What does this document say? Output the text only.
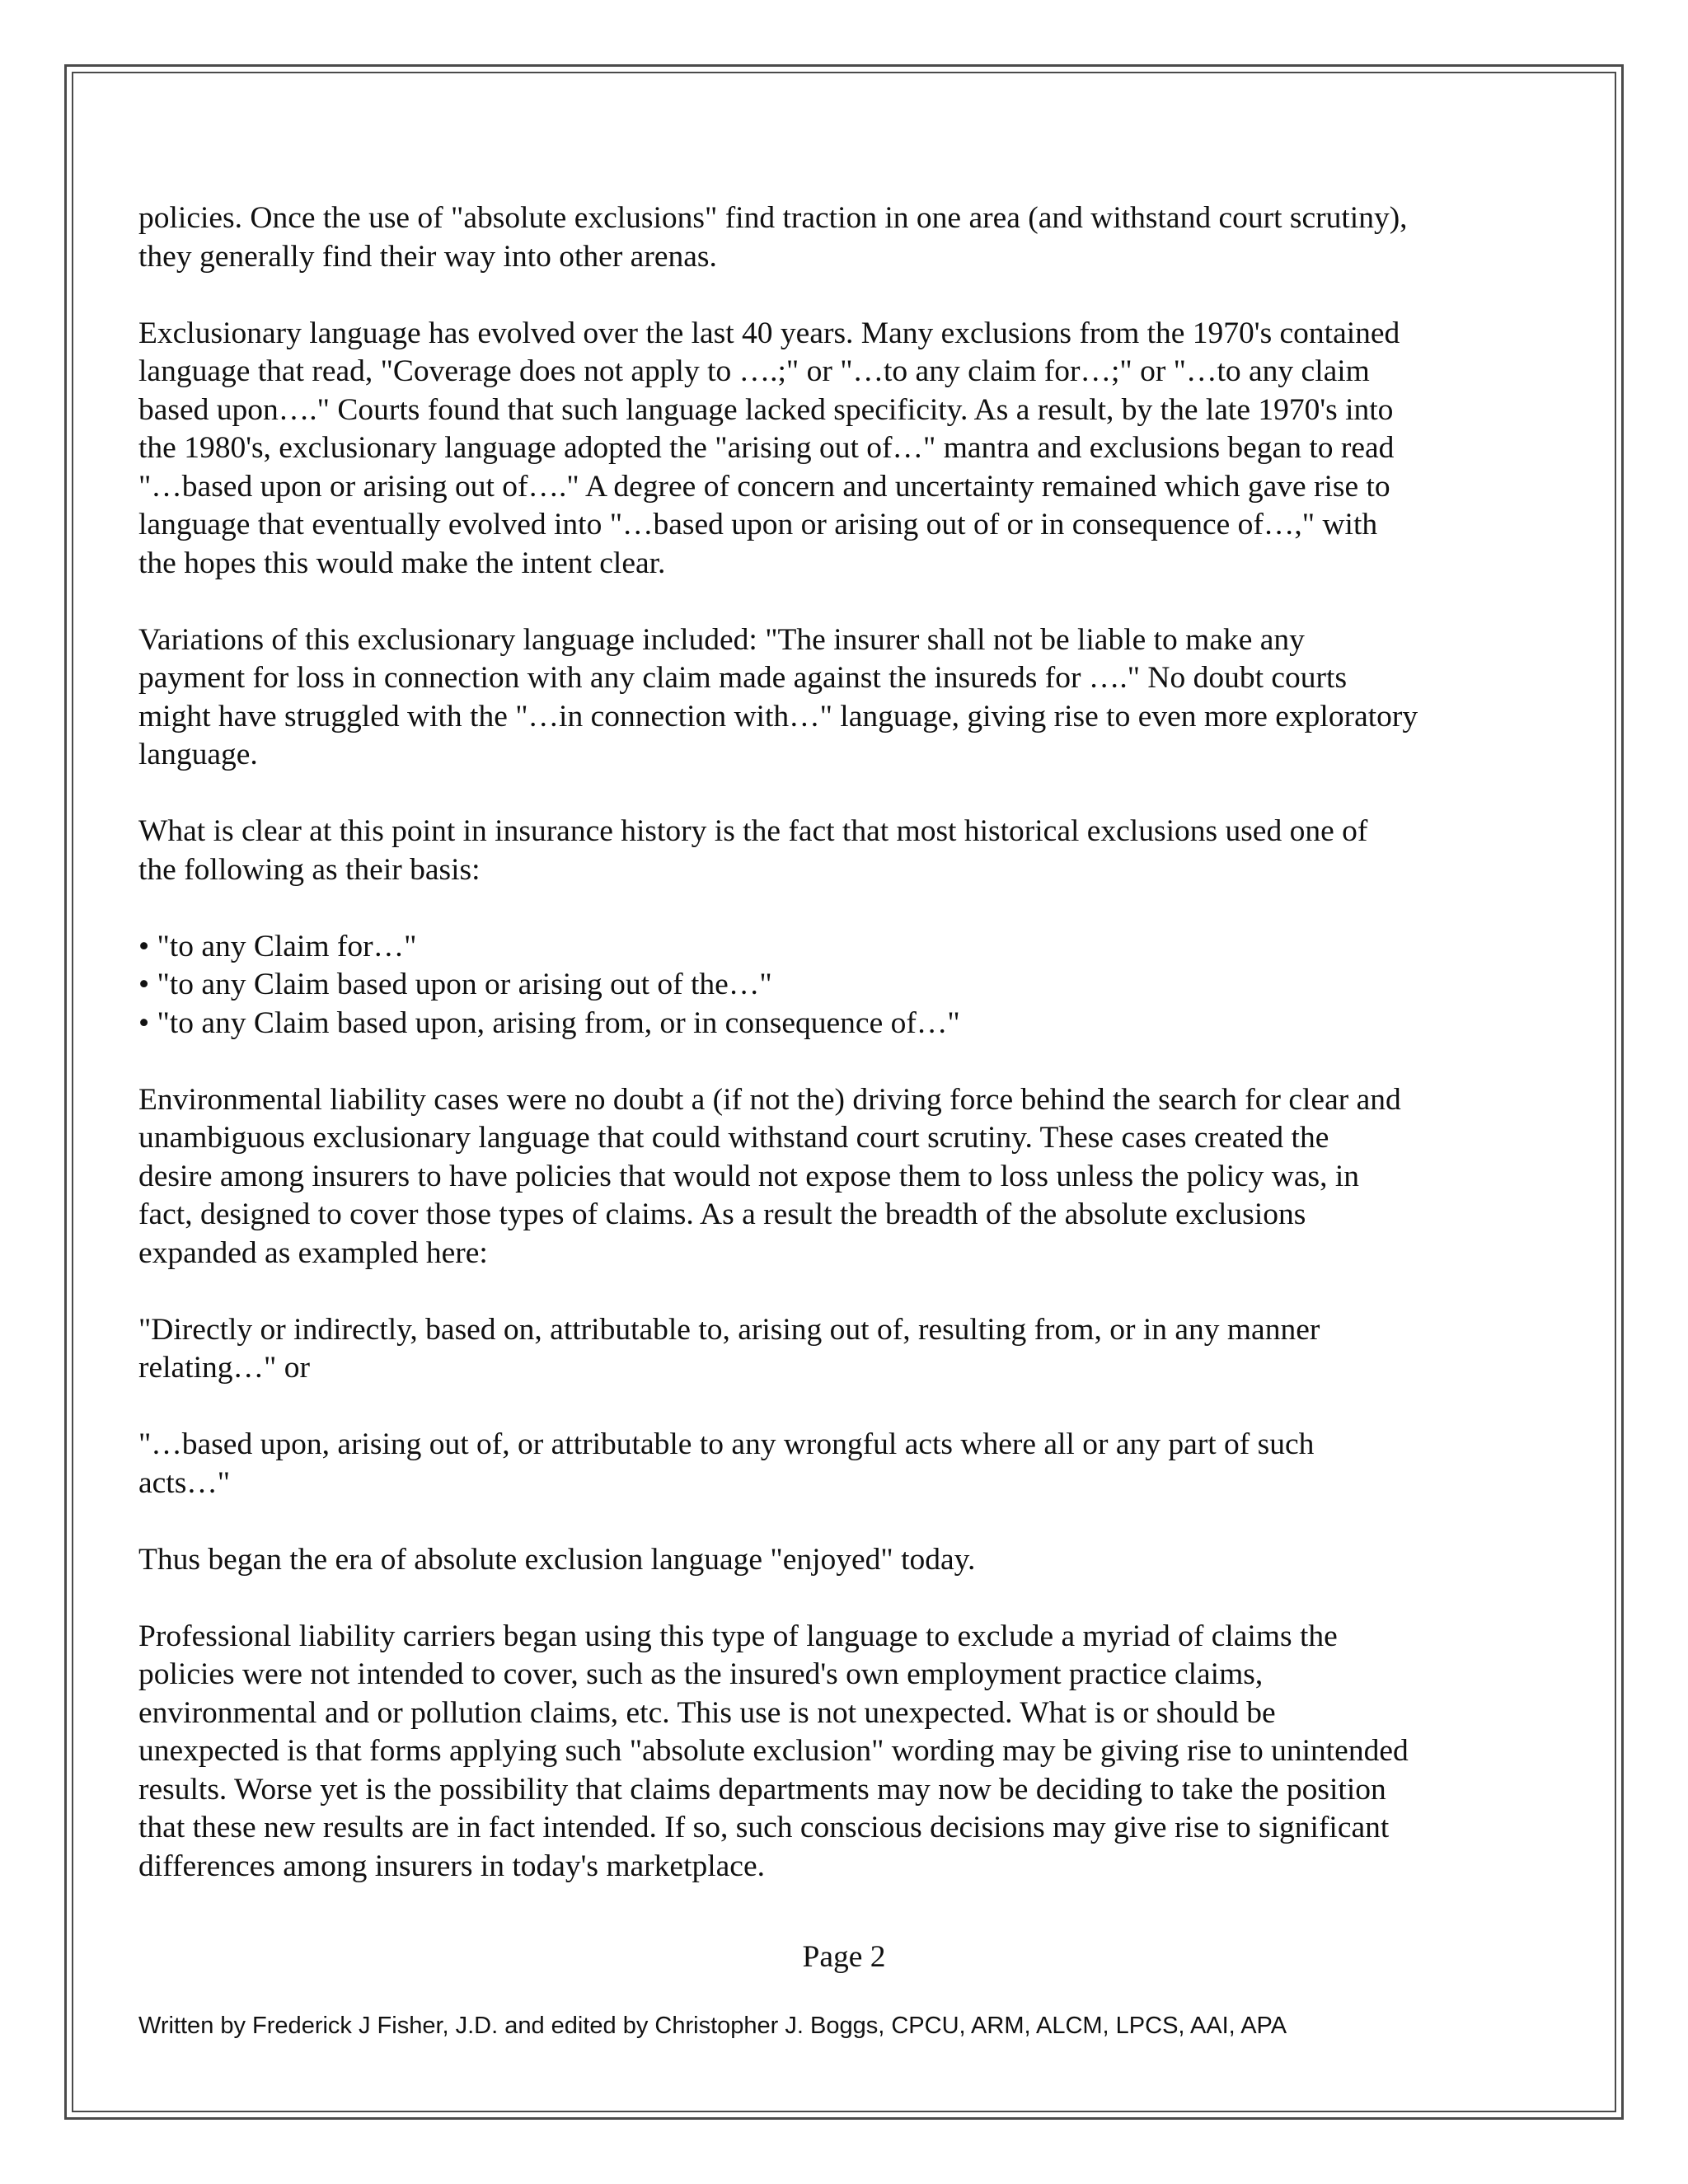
policies. Once the use of "absolute exclusions" find traction in one area (and withstand court scrutiny),
they generally find their way into other arenas.

Exclusionary language has evolved over the last 40 years. Many exclusions from the 1970's contained
language that read, "Coverage does not apply to ….;" or "…to any claim for…;" or "…to any claim
based upon…." Courts found that such language lacked specificity. As a result, by the late 1970's into
the 1980's, exclusionary language adopted the "arising out of…" mantra and exclusions began to read
"…based upon or arising out of…." A degree of concern and uncertainty remained which gave rise to
language that eventually evolved into "…based upon or arising out of or in consequence of…," with
the hopes this would make the intent clear.

Variations of this exclusionary language included: "The insurer shall not be liable to make any
payment for loss in connection with any claim made against the insureds for …." No doubt courts
might have struggled with the "…in connection with…" language, giving rise to even more exploratory
language.

What is clear at this point in insurance history is the fact that most historical exclusions used one of
the following as their basis:

• "to any Claim for…"
• "to any Claim based upon or arising out of the…"
• "to any Claim based upon, arising from, or in consequence of…"

Environmental liability cases were no doubt a (if not the) driving force behind the search for clear and
unambiguous exclusionary language that could withstand court scrutiny. These cases created the
desire among insurers to have policies that would not expose them to loss unless the policy was, in
fact, designed to cover those types of claims. As a result the breadth of the absolute exclusions
expanded as exampled here:

"Directly or indirectly, based on, attributable to, arising out of, resulting from, or in any manner
relating…" or

"…based upon, arising out of, or attributable to any wrongful acts where all or any part of such
acts…"

Thus began the era of absolute exclusion language "enjoyed" today.

Professional liability carriers began using this type of language to exclude a myriad of claims the
policies were not intended to cover, such as the insured's own employment practice claims,
environmental and or pollution claims, etc. This use is not unexpected. What is or should be
unexpected is that forms applying such "absolute exclusion" wording may be giving rise to unintended
results. Worse yet is the possibility that claims departments may now be deciding to take the position
that these new results are in fact intended. If so, such conscious decisions may give rise to significant
differences among insurers in today's marketplace.

Page 2
Written by Frederick J Fisher, J.D. and edited by Christopher J. Boggs, CPCU, ARM, ALCM, LPCS, AAI, APA
